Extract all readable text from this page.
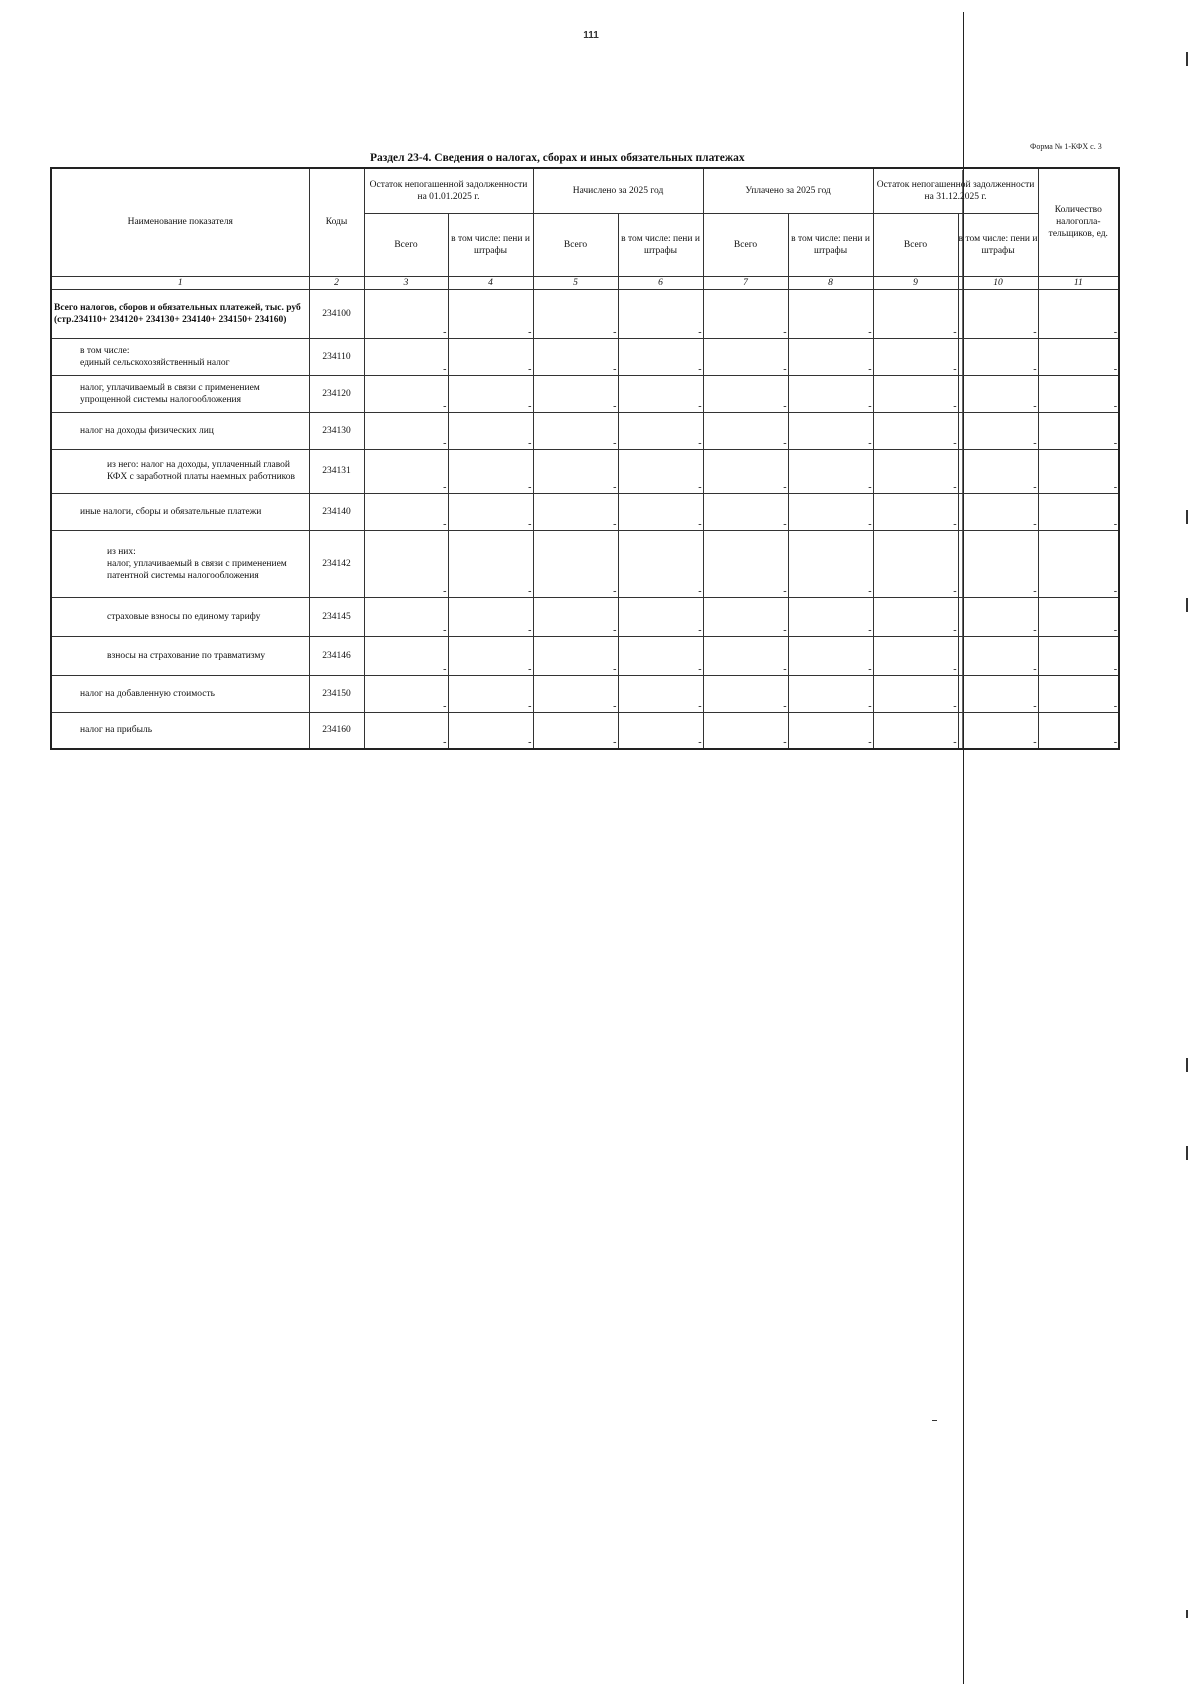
111
Форма № 1-КФХ с. 3
Раздел 23-4. Сведения о налогах, сборах и иных обязательных платежах
Наименование показателя	Коды	Остаток непогашенной задолженности на 01.01.2025 г.		Начислено за 2025 год		Уплачено за 2025 год		Остаток непогашенной задолженности на 31.12.2025 г.		Количество налогопла-тельщиков, ед.
		Всего	в том числе: пени и штрафы	Всего	в том числе: пени и штрафы	Всего	в том числе: пени и штрафы	Всего	в том числе: пени и штрафы	
1	2	3	4	5	6	7	8	9	10	11
Всего налогов, сборов и обязательных платежей, тыс. руб (стр.234110+ 234120+ 234130+ 234140+ 234150+ 234160)	234100	-	-	-	-	-	-	-	-	-

в том числе:
единый сельскохозяйственный налог	234110	-	-	-	-	-	-	-	-	-

налог, уплачиваемый в связи с применением упрощенной системы налогообложения	234120	-	-	-	-	-	-	-	-	-

налог на доходы физических лиц	234130	-	-	-	-	-	-	-	-	-

из него: налог на доходы, уплаченный главой КФХ с заработной платы наемных работников	234131	-	-	-	-	-	-	-	-	-

иные налоги, сборы и обязательные платежи	234140	-	-	-	-	-	-	-	-	-

из них:
налог, уплачиваемый в связи с применением патентной системы налогообложения	234142	-	-	-	-	-	-	-	-	-

страховые взносы по единому тарифу	234145	-	-	-	-	-	-	-	-	-

взносы на страхование по травматизму	234146	-	-	-	-	-	-	-	-	-

налог на добавленную стоимость	234150	-	-	-	-	-	-	-	-	-

налог на прибыль	234160	-	-	-	-	-	-	-	-	-
